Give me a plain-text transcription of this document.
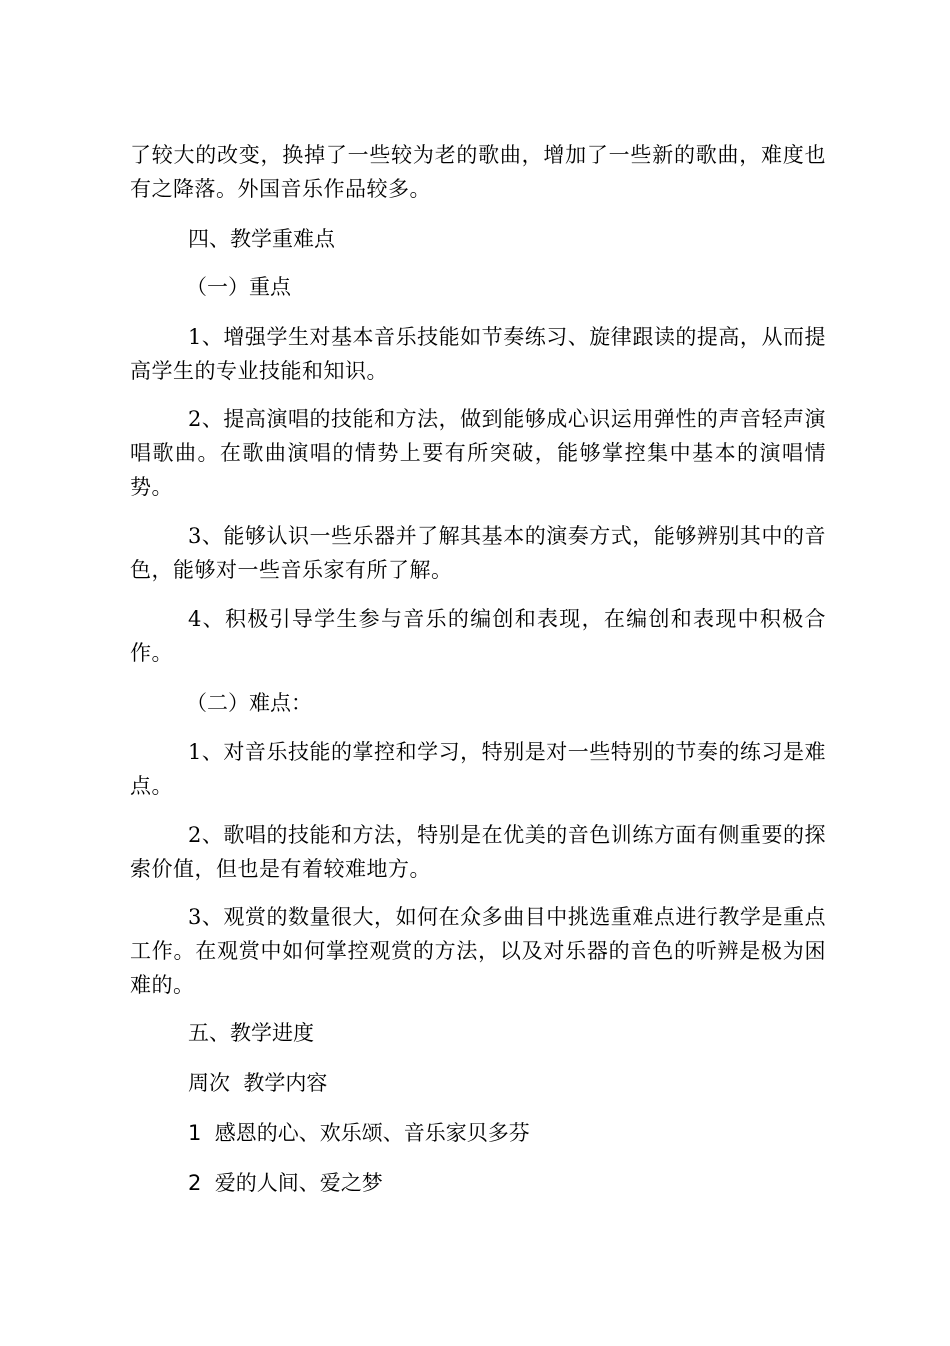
了较大的改变，换掉了一些较为老的歌曲，增加了一些新的歌曲，难度也有之降落。外国音乐作品较多。

四、教学重难点

（一）重点

1、增强学生对基本音乐技能如节奏练习、旋律跟读的提高，从而提高学生的专业技能和知识。

2、提高演唱的技能和方法，做到能够成心识运用弹性的声音轻声演唱歌曲。在歌曲演唱的情势上要有所突破，能够掌控集中基本的演唱情势。

3、能够认识一些乐器并了解其基本的演奏方式，能够辨别其中的音色，能够对一些音乐家有所了解。

4、积极引导学生参与音乐的编创和表现，在编创和表现中积极合作。

（二）难点：

1、对音乐技能的掌控和学习，特别是对一些特别的节奏的练习是难点。

2、歌唱的技能和方法，特别是在优美的音色训练方面有侧重要的探索价值，但也是有着较难地方。

3、观赏的数量很大，如何在众多曲目中挑选重难点进行教学是重点工作。在观赏中如何掌控观赏的方法，以及对乐器的音色的听辨是极为困难的。

五、教学进度

周次  教学内容

1  感恩的心、欢乐颂、音乐家贝多芬

2  爱的人间、爱之梦
